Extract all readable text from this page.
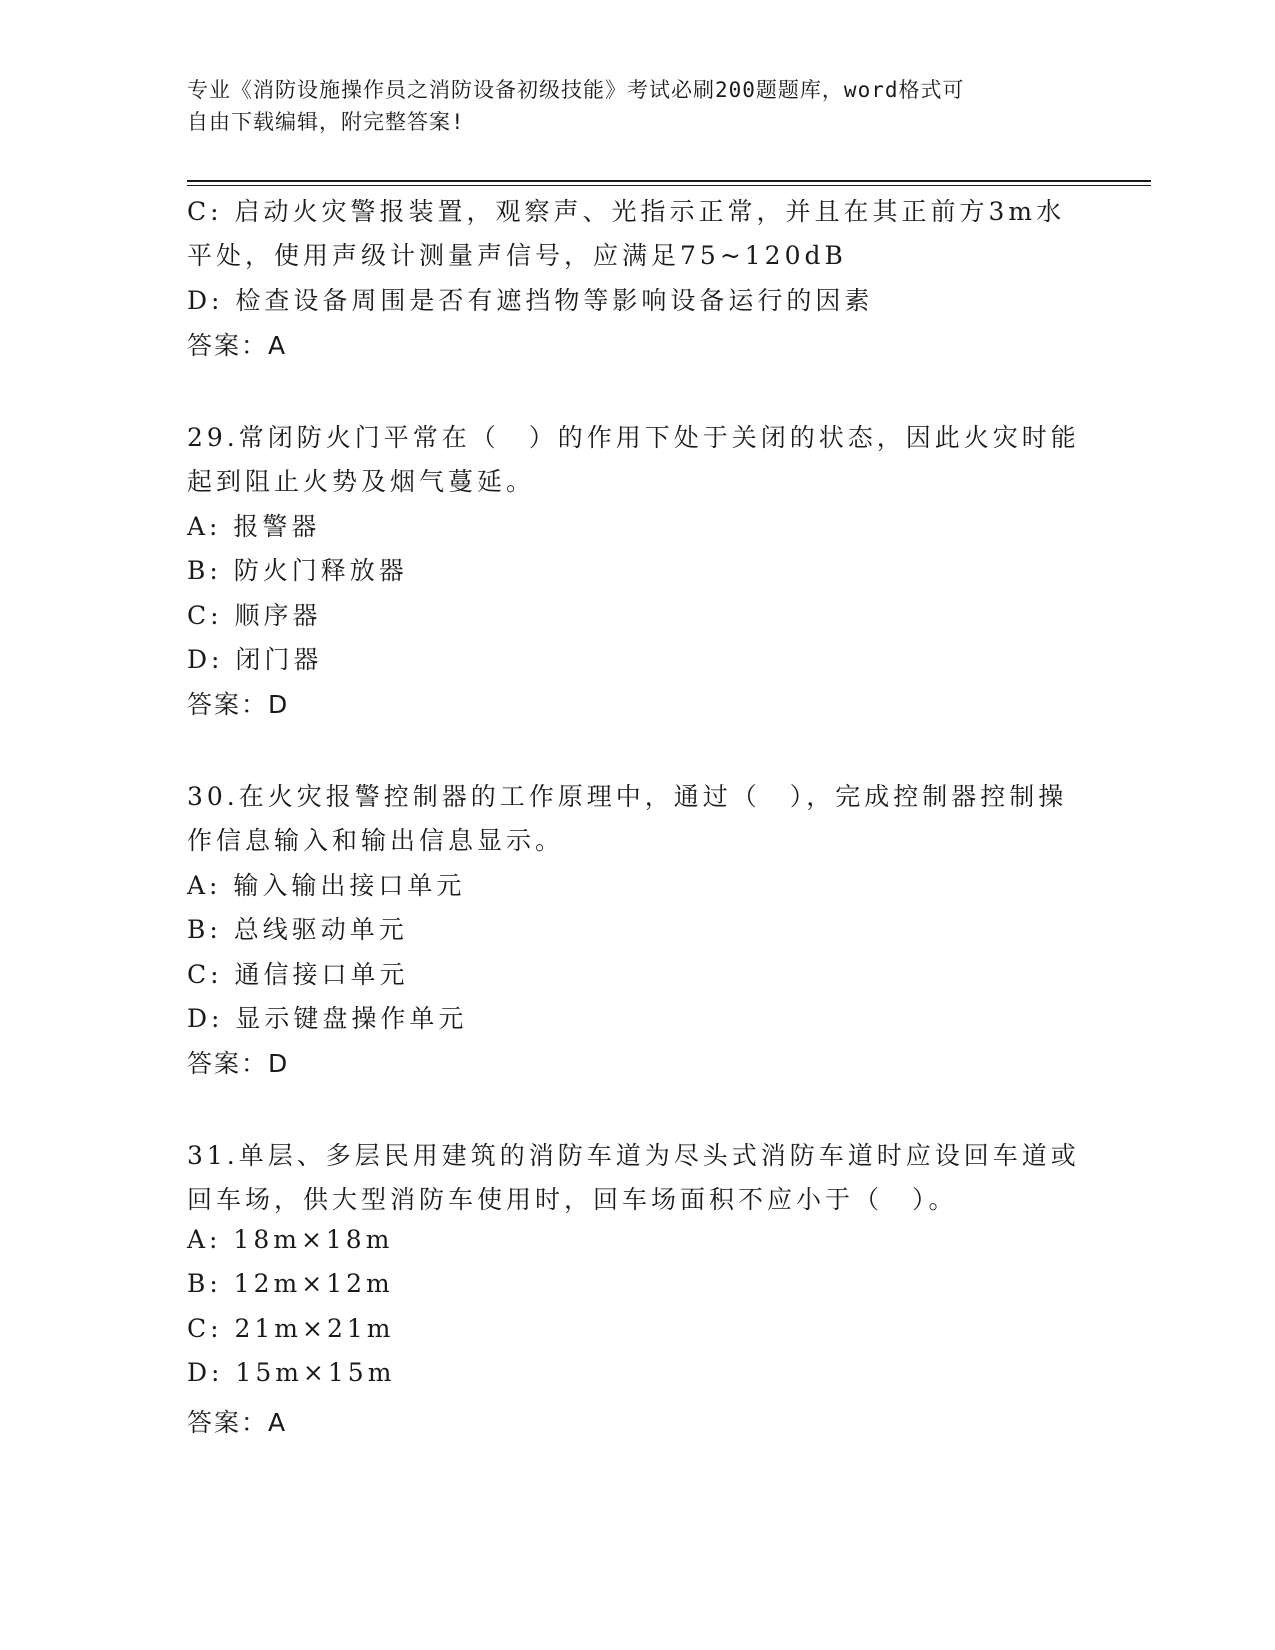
专业《消防设施操作员之消防设备初级技能》考试必刷200题题库，word格式可
自由下载编辑，附完整答案!
C: 启动火灾警报装置，观察声、光指示正常，并且在其正前方3m水
平处，使用声级计测量声信号，应满足75~120dB
D: 检查设备周围是否有遮挡物等影响设备运行的因素
答案：A
29.常闭防火门平常在（　）的作用下处于关闭的状态，因此火灾时能
起到阻止火势及烟气蔓延。
A: 报警器
B: 防火门释放器
C: 顺序器
D: 闭门器
答案：D
30.在火灾报警控制器的工作原理中，通过（　），完成控制器控制操
作信息输入和输出信息显示。
A: 输入输出接口单元
B: 总线驱动单元
C: 通信接口单元
D: 显示键盘操作单元
答案：D
31.单层、多层民用建筑的消防车道为尽头式消防车道时应设回车道或
回车场，供大型消防车使用时，回车场面积不应小于（　）。
A: 18m×18m
B: 12m×12m
C: 21m×21m
D: 15m×15m
答案：A
